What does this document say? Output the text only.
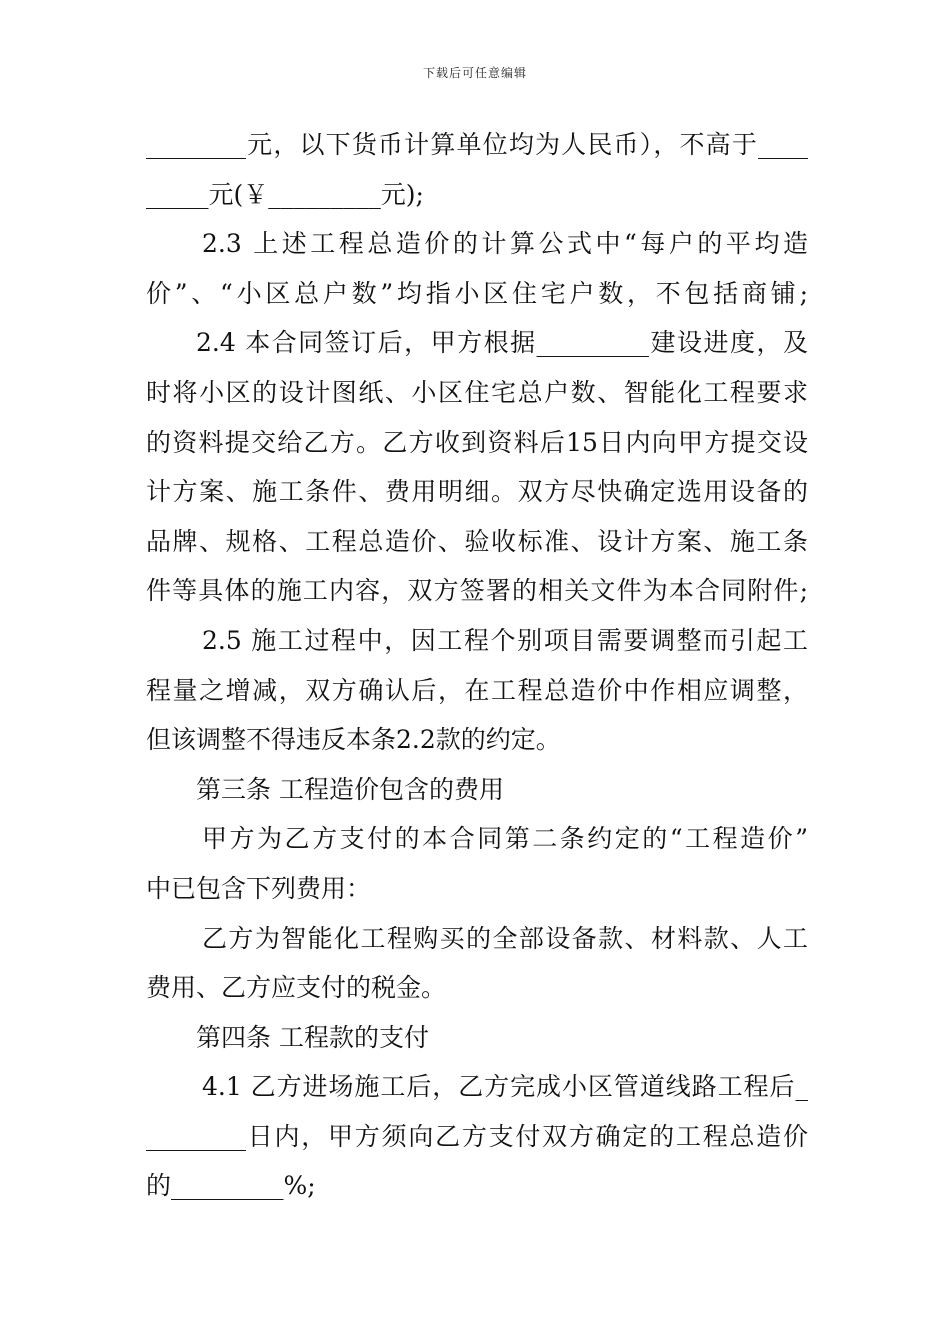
下载后可任意编辑
________元，以下货币计算单位均为人民币），不高于____
_____元(￥_________元);
2.3 上述工程总造价的计算公式中“每户的平均造
价”、“小区总户数”均指小区住宅户数，不包括商铺;
2.4 本合同签订后，甲方根据_________建设进度，及
时将小区的设计图纸、小区住宅总户数、智能化工程要求
的资料提交给乙方。乙方收到资料后15日内向甲方提交设
计方案、施工条件、费用明细。双方尽快确定选用设备的
品牌、规格、工程总造价、验收标准、设计方案、施工条
件等具体的施工内容，双方签署的相关文件为本合同附件;
2.5 施工过程中，因工程个别项目需要调整而引起工
程量之增减，双方确认后，在工程总造价中作相应调整，
但该调整不得违反本条2.2款的约定。
第三条 工程造价包含的费用
甲方为乙方支付的本合同第二条约定的“工程造价”
中已包含下列费用：
乙方为智能化工程购买的全部设备款、材料款、人工
费用、乙方应支付的税金。
第四条 工程款的支付
4.1 乙方进场施工后，乙方完成小区管道线路工程后_
________日内，甲方须向乙方支付双方确定的工程总造价
的_________%;
